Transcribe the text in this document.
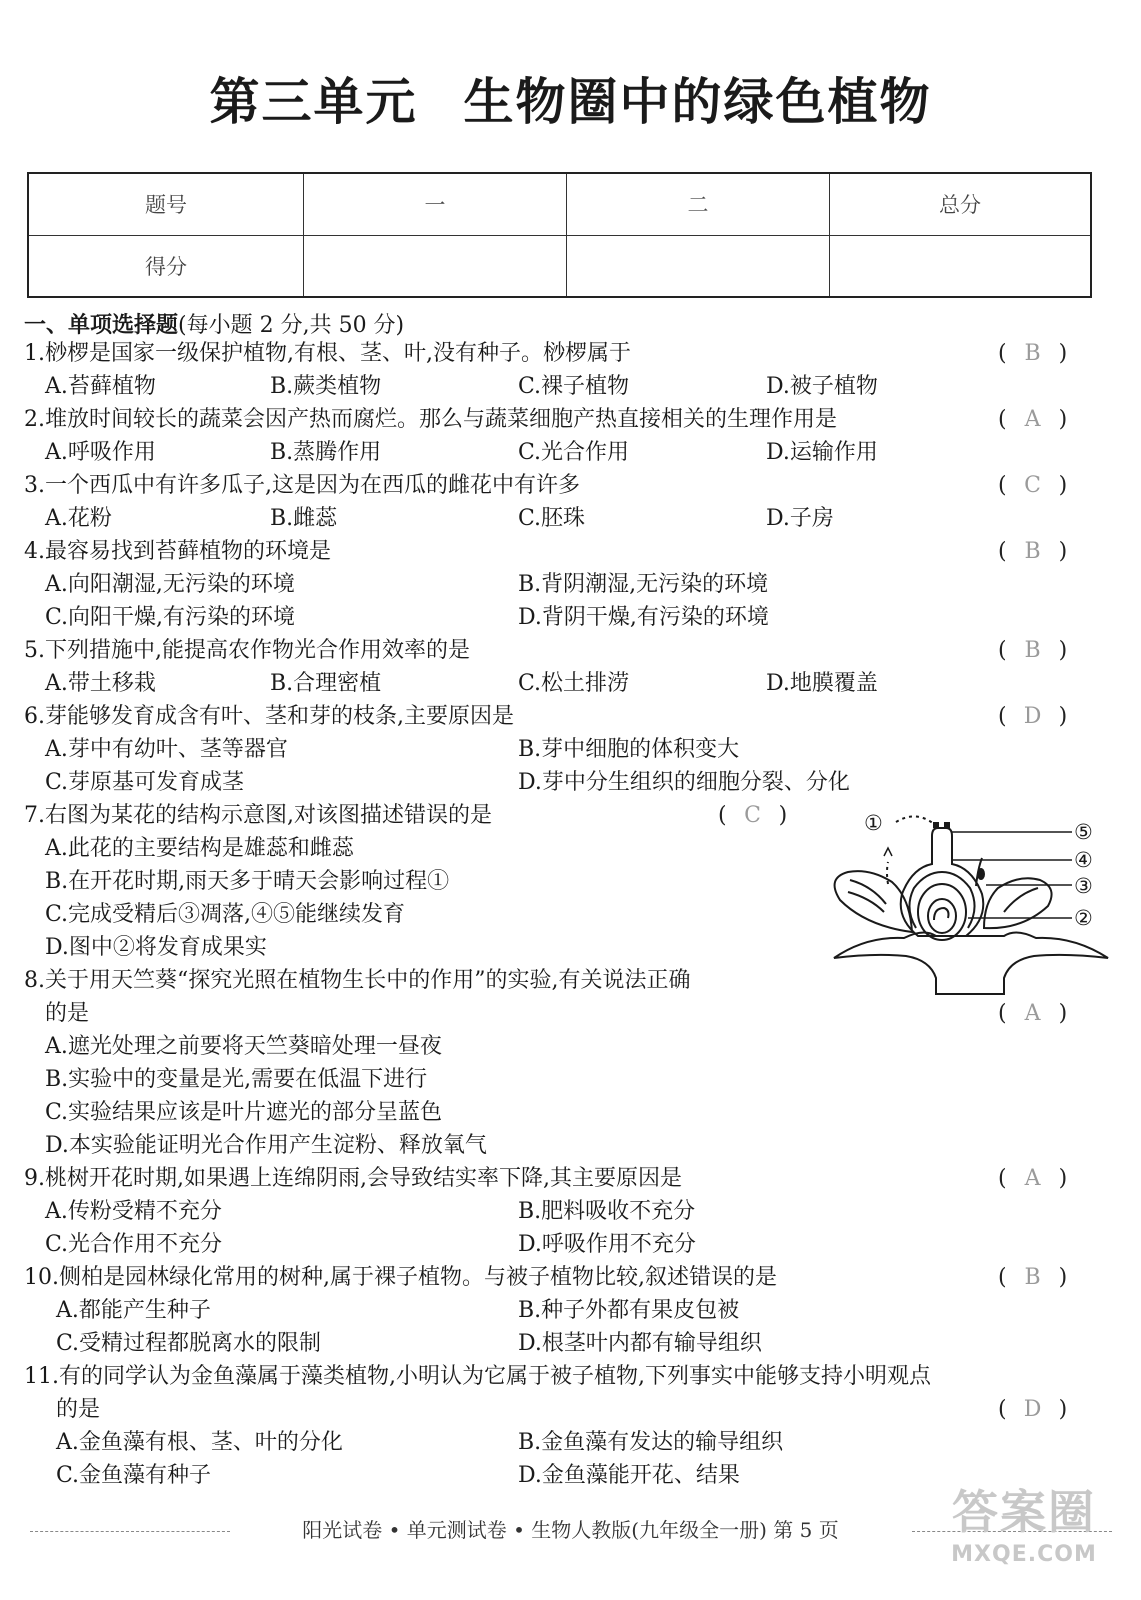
第三单元 生物圈中的绿色植物
题号	一	二	总分
得分			
一、单项选择题(每小题 2 分,共 50 分)
1.桫椤是国家一级保护植物,有根、茎、叶,没有种子。桫椤属于	( B )
A.苔藓植物	B.蕨类植物	C.裸子植物	D.被子植物
2.堆放时间较长的蔬菜会因产热而腐烂。那么与蔬菜细胞产热直接相关的生理作用是	( A )
A.呼吸作用	B.蒸腾作用	C.光合作用	D.运输作用
3.一个西瓜中有许多瓜子,这是因为在西瓜的雌花中有许多	( C )
A.花粉	B.雌蕊	C.胚珠	D.子房
4.最容易找到苔藓植物的环境是	( B )
A.向阳潮湿,无污染的环境	B.背阴潮湿,无污染的环境
C.向阳干燥,有污染的环境	D.背阴干燥,有污染的环境
5.下列措施中,能提高农作物光合作用效率的是	( B )
A.带土移栽	B.合理密植	C.松土排涝	D.地膜覆盖
6.芽能够发育成含有叶、茎和芽的枝条,主要原因是	( D )
A.芽中有幼叶、茎等器官	B.芽中细胞的体积变大
C.芽原基可发育成茎	D.芽中分生组织的细胞分裂、分化
7.右图为某花的结构示意图,对该图描述错误的是	( C )
A.此花的主要结构是雄蕊和雌蕊
B.在开花时期,雨天多于晴天会影响过程①
C.完成受精后③凋落,④⑤能继续发育
D.图中②将发育成果实
①	⑤
④
③
②
8.关于用天竺葵“探究光照在植物生长中的作用”的实验,有关说法正确
的是	( A )
A.遮光处理之前要将天竺葵暗处理一昼夜
B.实验中的变量是光,需要在低温下进行
C.实验结果应该是叶片遮光的部分呈蓝色
D.本实验能证明光合作用产生淀粉、释放氧气
9.桃树开花时期,如果遇上连绵阴雨,会导致结实率下降,其主要原因是	( A )
A.传粉受精不充分	B.肥料吸收不充分
C.光合作用不充分	D.呼吸作用不充分
10.侧柏是园林绿化常用的树种,属于裸子植物。与被子植物比较,叙述错误的是	( B )
A.都能产生种子	B.种子外都有果皮包被
C.受精过程都脱离水的限制	D.根茎叶内都有输导组织
11.有的同学认为金鱼藻属于藻类植物,小明认为它属于被子植物,下列事实中能够支持小明观点
的是	( D )
A.金鱼藻有根、茎、叶的分化	B.金鱼藻有发达的输导组织
C.金鱼藻有种子	D.金鱼藻能开花、结果
阳光试卷 • 单元测试卷 • 生物人教版(九年级全一册) 第 5 页	答案圈
MXQE.COM
